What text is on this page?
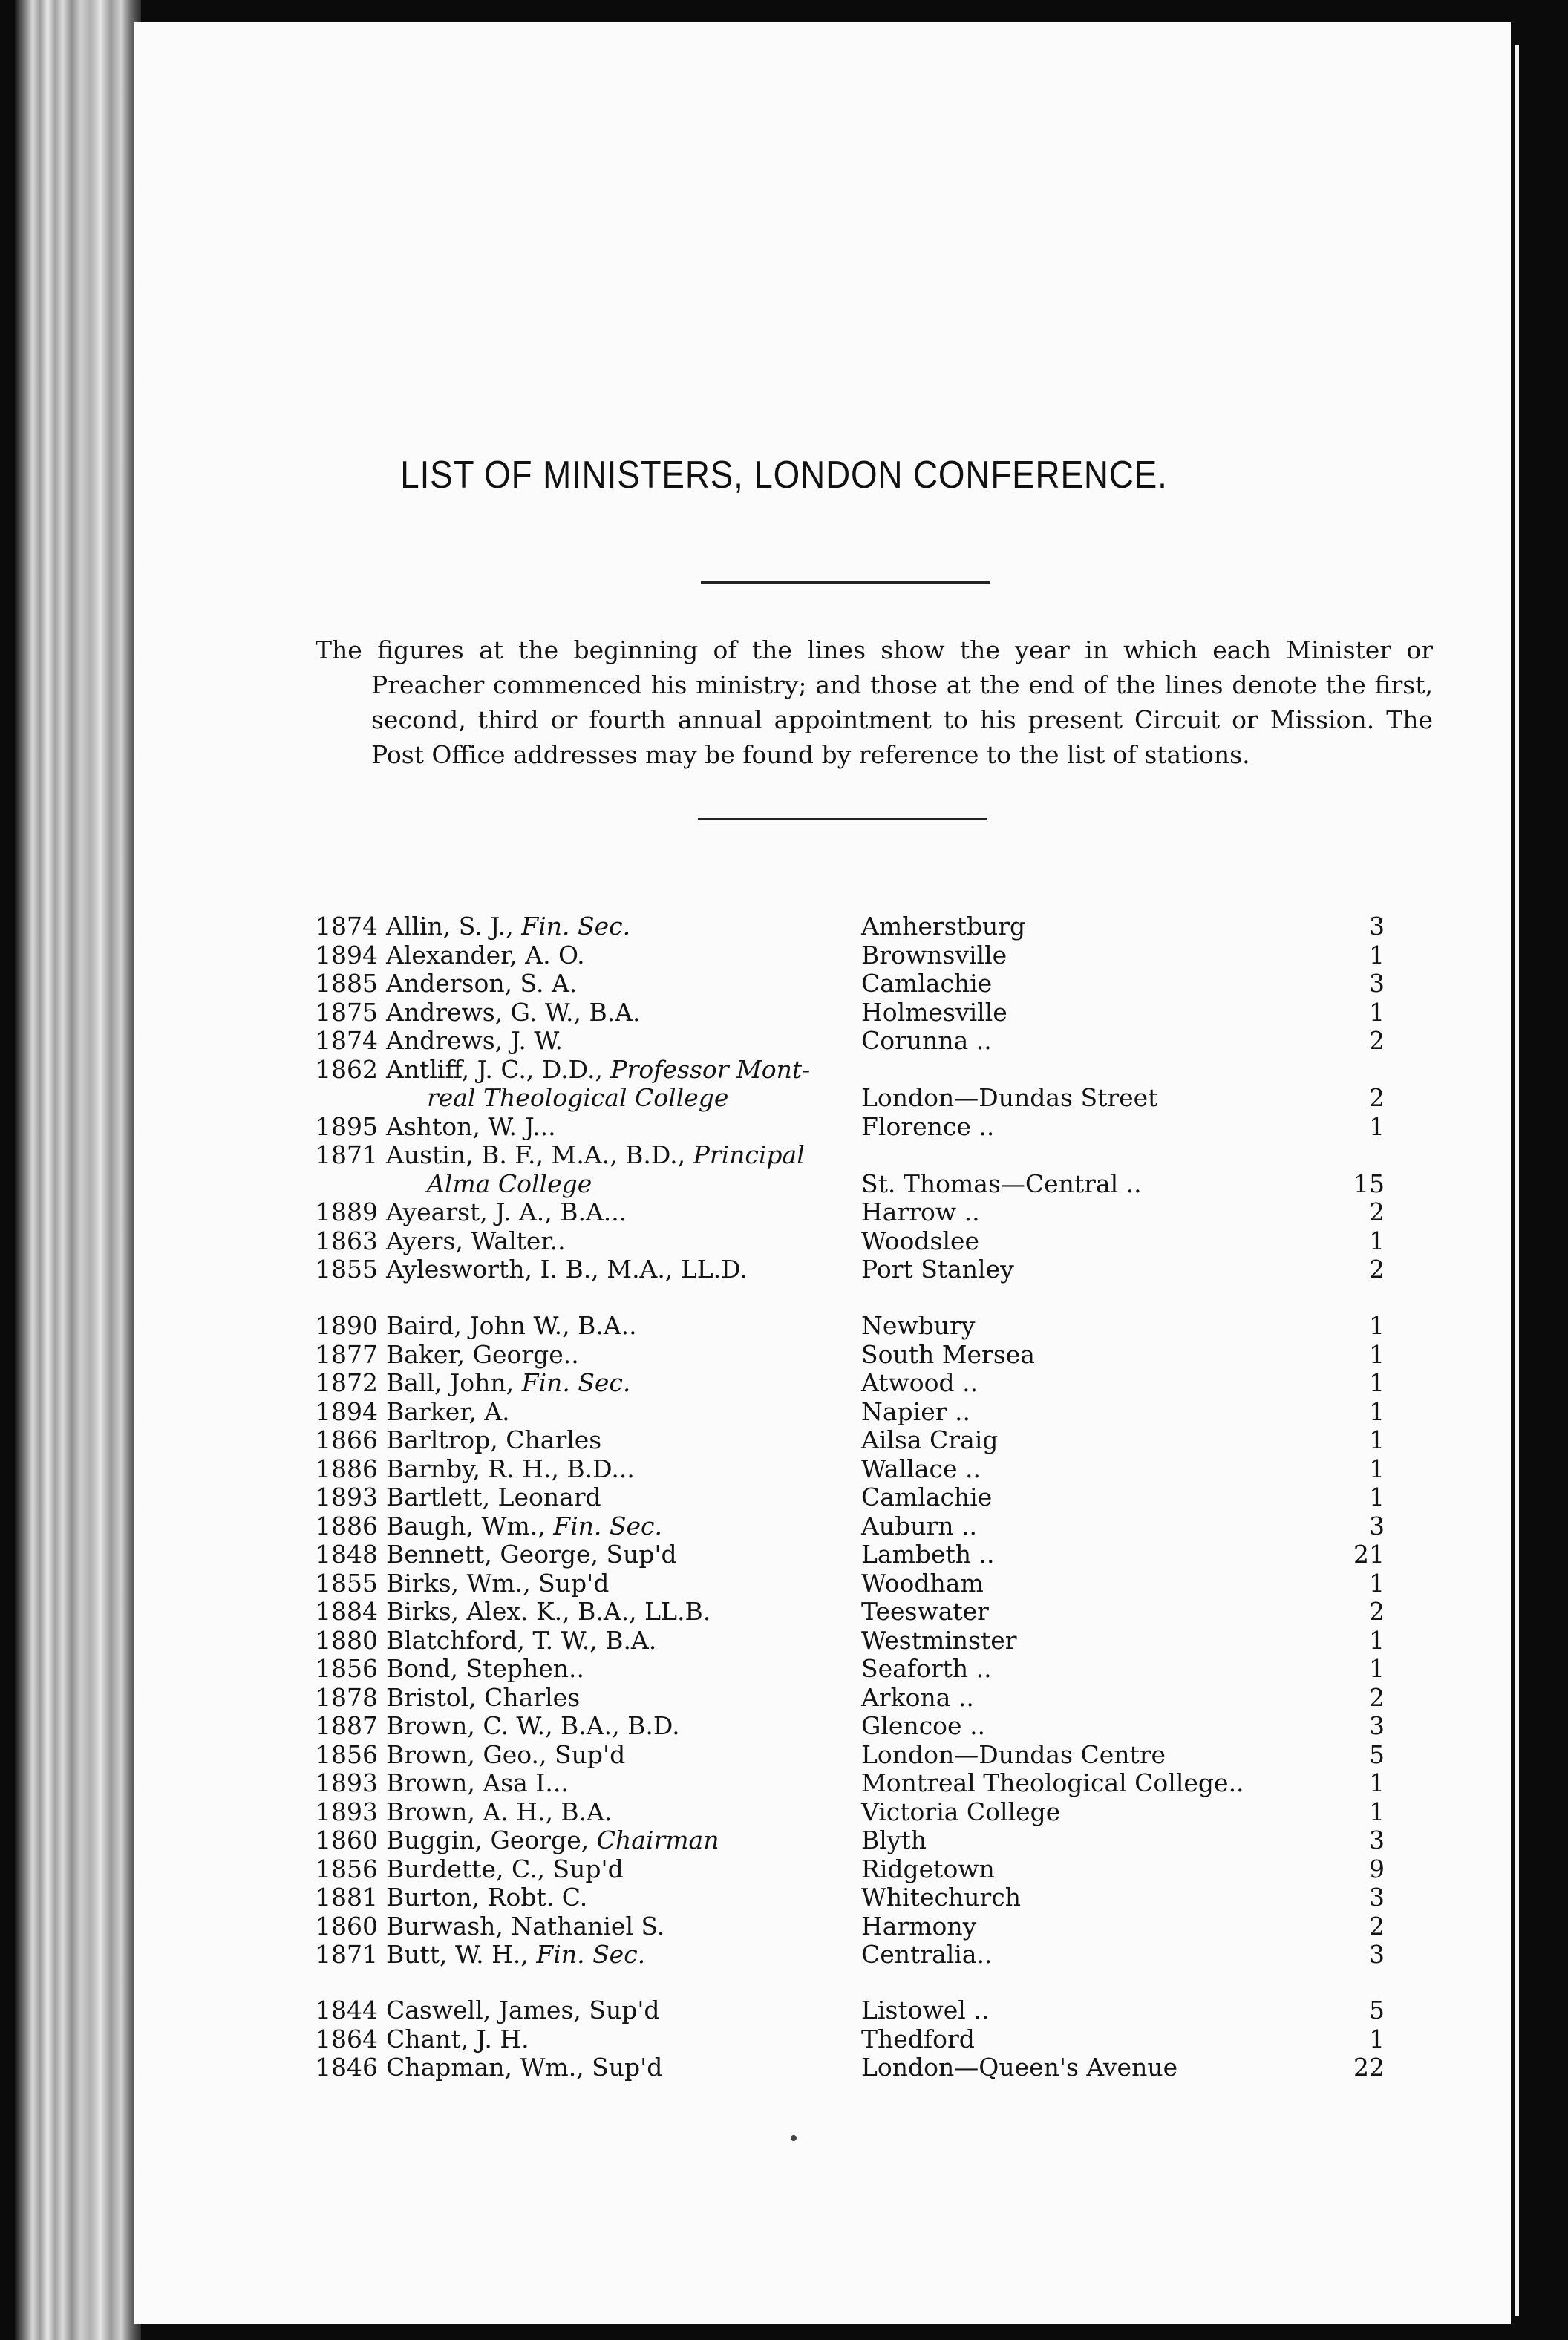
LIST OF MINISTERS, LONDON CONFERENCE.
The figures at the beginning of the lines show the year in which each Minister or Preacher commenced his ministry; and those at the end of the lines denote the first, second, third or fourth annual appointment to his present Circuit or Mission. The Post Office addresses may be found by reference to the list of stations.
1874 Allin, S. J., Fin. Sec.	Amherstburg	3
1894 Alexander, A. O.	Brownsville	1
1885 Anderson, S. A.	Camlachie	3
1875 Andrews, G. W., B.A.	Holmesville	1
1874 Andrews, J. W.	Corunna ..	2
1862 Antliff, J. C., D.D., Professor Mont-
real Theological College	London—Dundas Street	2
1895 Ashton, W. J...	Florence ..	1
1871 Austin, B. F., M.A., B.D., Principal
Alma College	St. Thomas—Central ..	15
1889 Ayearst, J. A., B.A...	Harrow ..	2
1863 Ayers, Walter..	Woodslee	1
1855 Aylesworth, I. B., M.A., LL.D.	Port Stanley	2
1890 Baird, John W., B.A..	Newbury	1
1877 Baker, George..	South Mersea	1
1872 Ball, John, Fin. Sec.	Atwood ..	1
1894 Barker, A.	Napier ..	1
1866 Barltrop, Charles	Ailsa Craig	1
1886 Barnby, R. H., B.D...	Wallace ..	1
1893 Bartlett, Leonard	Camlachie	1
1886 Baugh, Wm., Fin. Sec.	Auburn ..	3
1848 Bennett, George, Sup'd	Lambeth ..	21
1855 Birks, Wm., Sup'd	Woodham	1
1884 Birks, Alex. K., B.A., LL.B.	Teeswater	2
1880 Blatchford, T. W., B.A.	Westminster	1
1856 Bond, Stephen..	Seaforth ..	1
1878 Bristol, Charles	Arkona ..	2
1887 Brown, C. W., B.A., B.D.	Glencoe ..	3
1856 Brown, Geo., Sup'd	London—Dundas Centre	5
1893 Brown, Asa I...	Montreal Theological College..	1
1893 Brown, A. H., B.A.	Victoria College	1
1860 Buggin, George, Chairman	Blyth	3
1856 Burdette, C., Sup'd	Ridgetown	9
1881 Burton, Robt. C.	Whitechurch	3
1860 Burwash, Nathaniel S.	Harmony	2
1871 Butt, W. H., Fin. Sec.	Centralia..	3
1844 Caswell, James, Sup'd	Listowel ..	5
1864 Chant, J. H.	Thedford	1
1846 Chapman, Wm., Sup'd	London—Queen's Avenue	22
